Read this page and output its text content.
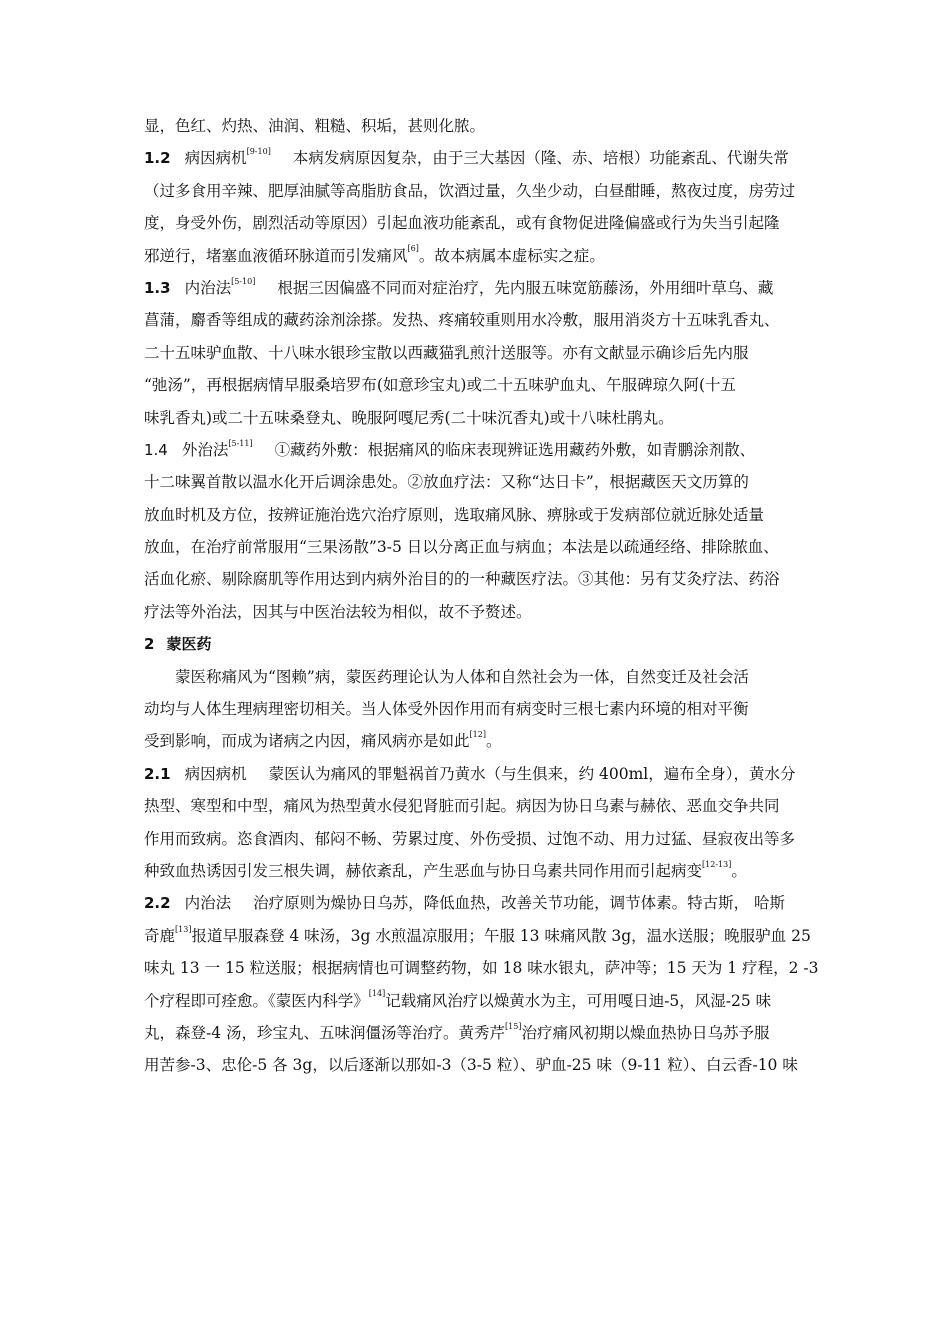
显，色红、灼热、油润、粗糙、积垢，甚则化脓。
1.2 病因病机[9-10] 本病发病原因复杂，由于三大基因（隆、赤、培根）功能紊乱、代谢失常
（过多食用辛辣、肥厚油腻等高脂肪食品，饮酒过量，久坐少动，白昼酣睡，熬夜过度，房劳过
度，身受外伤，剧烈活动等原因）引起血液功能紊乱，或有食物促进隆偏盛或行为失当引起隆
邪逆行，堵塞血液循环脉道而引发痛风[6]。故本病属本虚标实之症。
1.3 内治法[5-10] 根据三因偏盛不同而对症治疗，先内服五味宽筋藤汤，外用细叶草乌、藏
菖蒲，麝香等组成的藏药涂剂涂搽。发热、疼痛较重则用水冷敷，服用消炎方十五味乳香丸、
二十五味驴血散、十八味水银珍宝散以西藏猫乳煎汁送服等。亦有文献显示确诊后先内服
“弛汤”，再根据病情早服桑培罗布(如意珍宝丸)或二十五味驴血丸、午服碑琼久阿(十五
味乳香丸)或二十五味桑登丸、晚服阿嘎尼秀(二十味沉香丸)或十八味杜鹃丸。
1.4 外治法[5-11] ①藏药外敷：根据痛风的临床表现辨证选用藏药外敷，如青鹏涂剂散、
十二味翼首散以温水化开后调涂患处。②放血疗法：又称“达日卡”，根据藏医天文历算的
放血时机及方位，按辨证施治选穴治疗原则，选取痛风脉、痹脉或于发病部位就近脉处适量
放血，在治疗前常服用“三果汤散”3-5 日以分离正血与病血；本法是以疏通经络、排除脓血、
活血化瘀、剔除腐肌等作用达到内病外治目的的一种藏医疗法。③其他：另有艾灸疗法、药浴
疗法等外治法，因其与中医治法较为相似，故不予赘述。
2 蒙医药
蒙医称痛风为“图赖”病，蒙医药理论认为人体和自然社会为一体，自然变迁及社会活
动均与人体生理病理密切相关。当人体受外因作用而有病变时三根七素内环境的相对平衡
受到影响，而成为诸病之内因，痛风病亦是如此[12]。
2.1 病因病机 蒙医认为痛风的罪魁祸首乃黄水（与生俱来，约 400ml，遍布全身），黄水分
热型、寒型和中型，痛风为热型黄水侵犯肾脏而引起。病因为协日乌素与赫依、恶血交争共同
作用而致病。恣食酒肉、郁闷不畅、劳累过度、外伤受损、过饱不动、用力过猛、昼寂夜出等多
种致血热诱因引发三根失调，赫依紊乱，产生恶血与协日乌素共同作用而引起病变[12-13]。
2.2 内治法 治疗原则为燥协日乌苏，降低血热，改善关节功能，调节体素。特古斯， 哈斯
奇鹿[13]报道早服森登 4 味汤，3g 水煎温凉服用；午服 13 味痛风散 3g，温水送服；晚服驴血 25
味丸 13 一 15 粒送服；根据病情也可调整药物，如 18 味水银丸，萨冲等；15 天为 1 疗程，2 -3
个疗程即可痊愈。《蒙医内科学》[14]记载痛风治疗以燥黄水为主，可用嘎日迪-5，风湿-25 味
丸，森登-4 汤，珍宝丸、五味润僵汤等治疗。黄秀芹[15]治疗痛风初期以燥血热协日乌苏予服
用苦参-3、忠伦-5 各 3g，以后逐渐以那如-3（3-5 粒）、驴血-25 味（9-11 粒）、白云香-10 味
